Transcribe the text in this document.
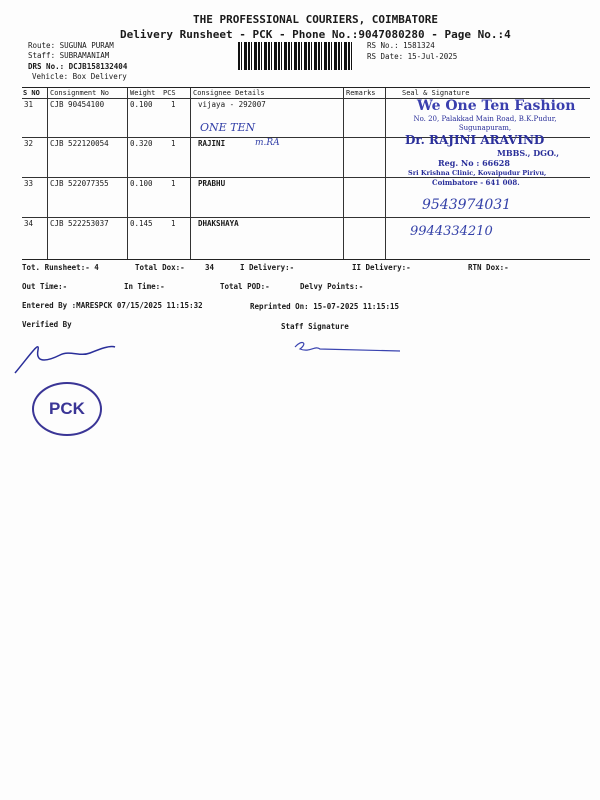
THE PROFESSIONAL COURIERS, COIMBATORE
Delivery Runsheet - PCK - Phone No.:9047080280 - Page No.:4
Route: SUGUNA PURAM
Staff: SUBRAMANIAM
DRS No.: DCJB158132404
Vehicle: Box Delivery
RS No.: 1581324
RS Date: 15-Jul-2025
S NO Consignment No	Weight PCS Consignee Details	Remarks	Seal & Signature
31 CJB 90454100	0.100 1	vijaya - 292007
32 CJB 522120054	0.320 1	RAJINI
33 CJB 522077355	0.100 1	PRABHU
34 CJB 522253037	0.145 1	DHAKSHAYA
We One Ten Fashion
No. 20, Palakkad Main Road, B.K.Pudur, Sugunapuram,
Dr. RAJINI ARAVIND
MBBS., DGO.,
Reg. No : 66628
Sri Krishna Clinic, Kovaipudur Pirivu,
Coimbatore - 641 008.
ONE TEN
m.RA
9543974031
9944334210
Tot. Runsheet:- 4	Total Dox:-	34	I Delivery:-	II Delivery:-	RTN Dox:-
Out Time:-	In Time:-	Total POD:-	Delvy Points:-
Entered By :MARESPCK 07/15/2025 11:15:32	Reprinted On: 15-07-2025 11:15:15
Verified By	Staff Signature
PCK
